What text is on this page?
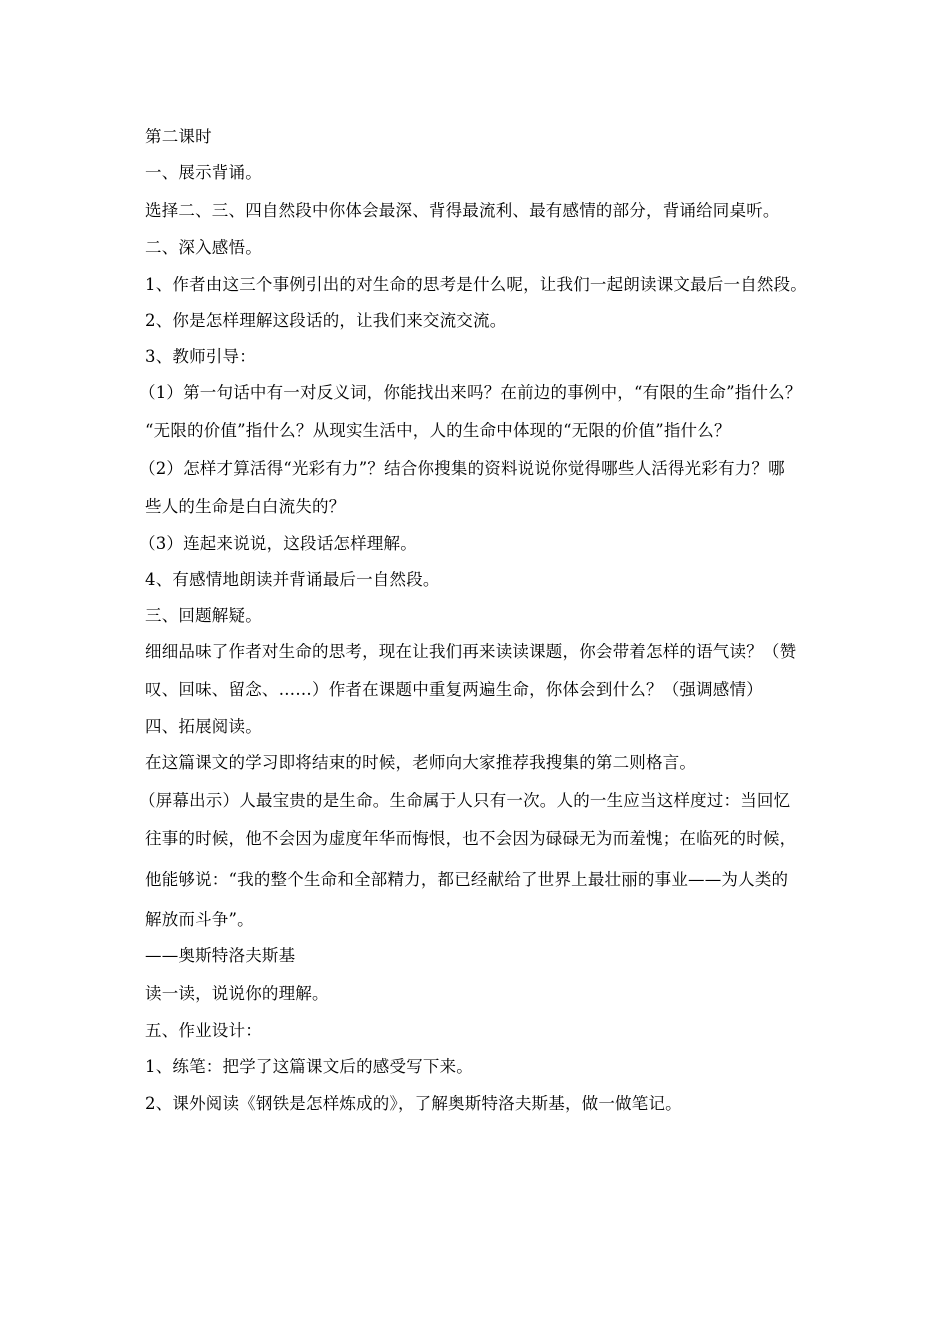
第二课时
一、展示背诵。
选择二、三、四自然段中你体会最深、背得最流利、最有感情的部分，背诵给同桌听。
二、深入感悟。
1、作者由这三个事例引出的对生命的思考是什么呢，让我们一起朗读课文最后一自然段。
2、你是怎样理解这段话的，让我们来交流交流。
3、教师引导：
（1）第一句话中有一对反义词，你能找出来吗？在前边的事例中，“有限的生命”指什么？
“无限的价值”指什么？从现实生活中，人的生命中体现的“无限的价值”指什么？
（2）怎样才算活得“光彩有力”？结合你搜集的资料说说你觉得哪些人活得光彩有力？哪
些人的生命是白白流失的？
（3）连起来说说，这段话怎样理解。
4、有感情地朗读并背诵最后一自然段。
三、回题解疑。
细细品味了作者对生命的思考，现在让我们再来读读课题，你会带着怎样的语气读？（赞
叹、回味、留念、……）作者在课题中重复两遍生命，你体会到什么？（强调感情）
四、拓展阅读。
在这篇课文的学习即将结束的时候，老师向大家推荐我搜集的第二则格言。
（屏幕出示）人最宝贵的是生命。生命属于人只有一次。人的一生应当这样度过：当回忆
往事的时候，他不会因为虚度年华而悔恨，也不会因为碌碌无为而羞愧；在临死的时候，
他能够说：“我的整个生命和全部精力，都已经献给了世界上最壮丽的事业——为人类的
解放而斗争”。
——奥斯特洛夫斯基
读一读，说说你的理解。
五、作业设计：
1、练笔：把学了这篇课文后的感受写下来。
2、课外阅读《钢铁是怎样炼成的》，了解奥斯特洛夫斯基，做一做笔记。
